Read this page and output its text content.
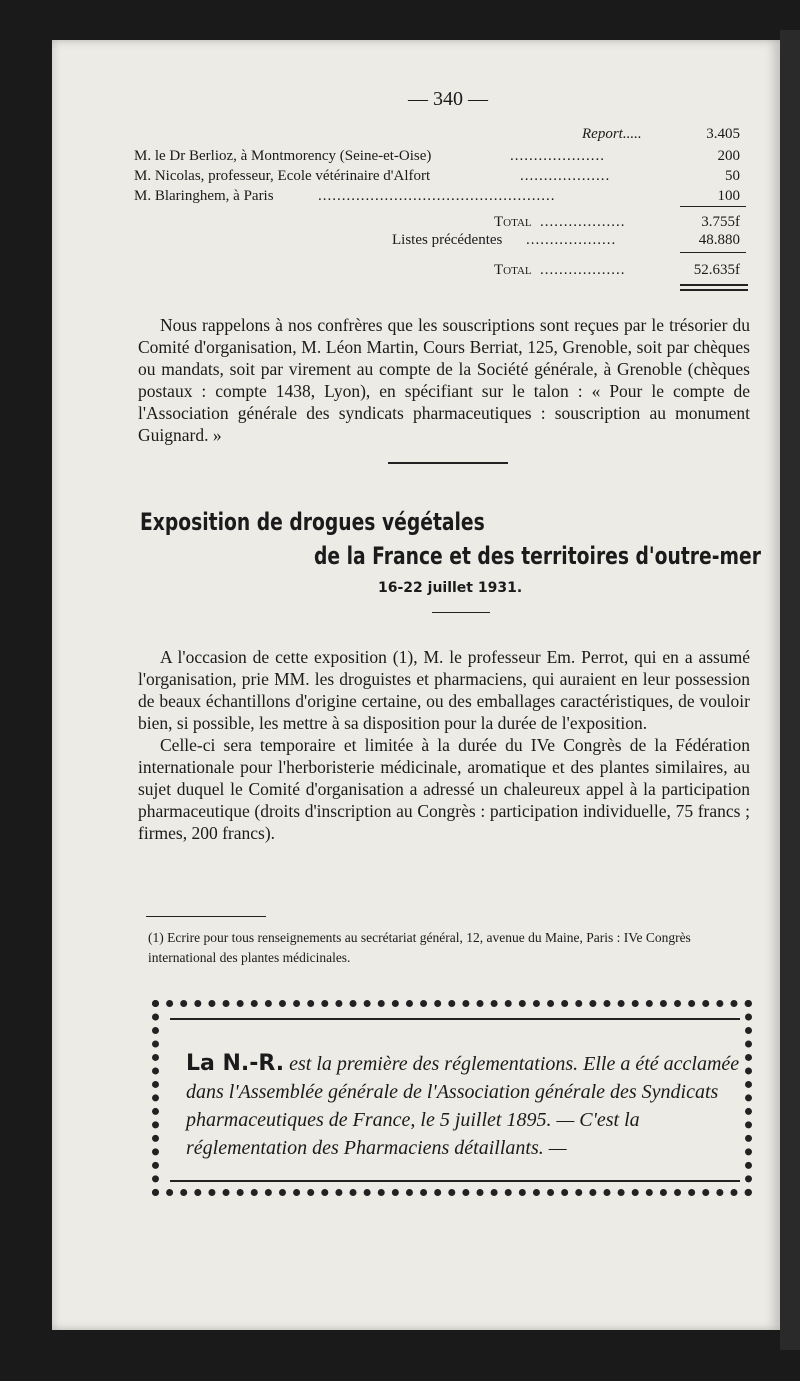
— 340 —
Report.....	3.405
M. le Dr Berlioz, à Montmorency (Seine-et-Oise)	....................	200
M. Nicolas, professeur, Ecole vétérinaire d'Alfort	...................	50
M. Blaringhem, à Paris	..................................................	100
Total ..................	3.755f
Listes précédentes ...................	48.880
Total ..................	52.635f

Nous rappelons à nos confrères que les souscriptions sont reçues par le trésorier du Comité d'organisation, M. Léon Martin, Cours Berriat, 125, Grenoble, soit par chèques ou mandats, soit par virement au compte de la Société générale, à Grenoble (chèques postaux : compte 1438, Lyon), en spécifiant sur le talon : « Pour le compte de l'Association générale des syndicats pharmaceutiques : souscription au monument Guignard. »

Exposition de drogues végétales
de la France et des territoires d'outre-mer
16-22 juillet 1931.

A l'occasion de cette exposition (1), M. le professeur Em. Perrot, qui en a assumé l'organisation, prie MM. les droguistes et pharmaciens, qui auraient en leur possession de beaux échantillons d'origine certaine, ou des emballages caractéristiques, de vouloir bien, si possible, les mettre à sa disposition pour la durée de l'exposition.

Celle-ci sera temporaire et limitée à la durée du IVe Congrès de la Fédération internationale pour l'herboristerie médicinale, aromatique et des plantes similaires, au sujet duquel le Comité d'organisation a adressé un chaleureux appel à la participation pharmaceutique (droits d'inscription au Congrès : participation individuelle, 75 francs ; firmes, 200 francs).

(1) Ecrire pour tous renseignements au secrétariat général, 12, avenue du Maine, Paris : IVe Congrès international des plantes médicinales.
La N.-R. est la première des réglementations. Elle a été acclamée dans l'Assemblée générale de l'Association générale des Syndicats pharmaceutiques de France, le 5 juillet 1895. — C'est la réglementation des Pharmaciens détaillants. —
